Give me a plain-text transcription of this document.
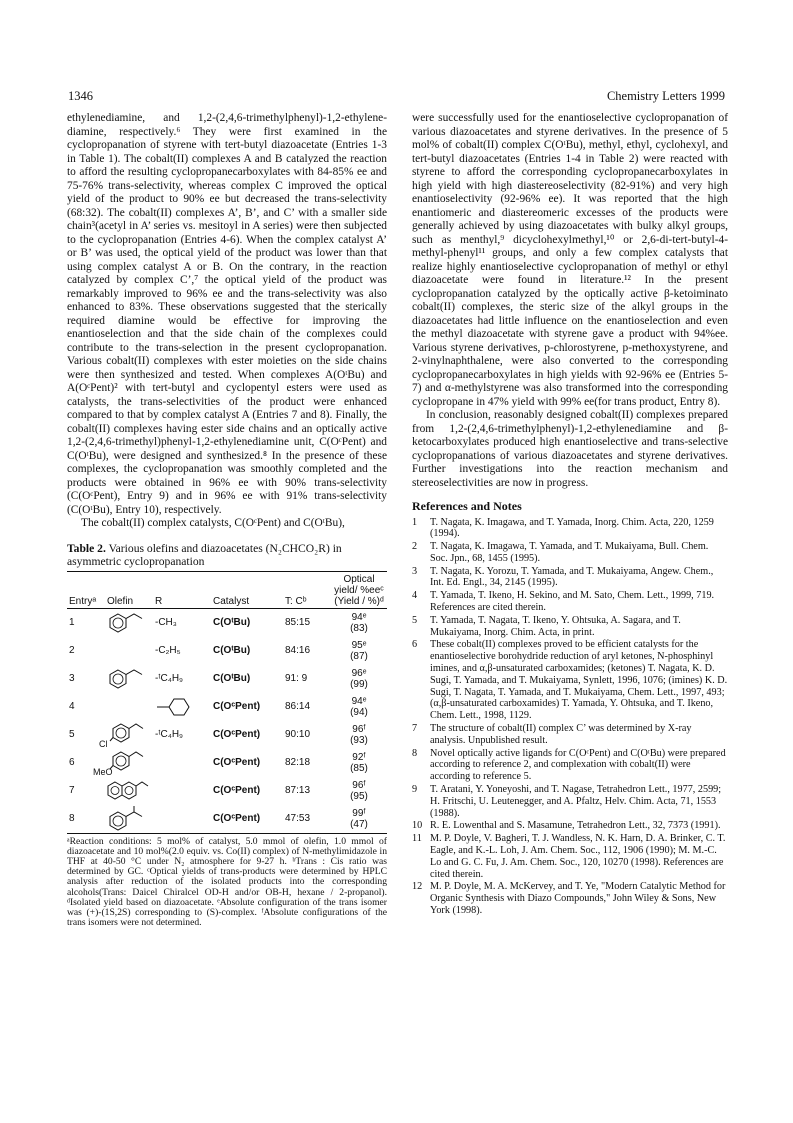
1346	Chemistry Letters 1999

ethylenediamine, and 1,2-(2,4,6-trimethylphenyl)-1,2-ethylene-diamine, respectively.⁶ They were first examined in the cyclopropanation of styrene with tert-butyl diazoacetate (Entries 1-3 in Table 1). The cobalt(II) complexes A and B catalyzed the reaction to afford the resulting cyclopropanecarboxylates with 84-85% ee and 75-76% trans-selectivity, whereas complex C improved the optical yield of the product to 90% ee but decreased the trans-selectivity (68:32). The cobalt(II) complexes A’, B’, and C’ with a smaller side chain³(acetyl in A’ series vs. mesitoyl in A series) were then subjected to the cyclopropanation (Entries 4-6). When the complex catalyst A’ or B’ was used, the optical yield of the product was lower than that using complex catalyst A or B. On the contrary, in the reaction catalyzed by complex C’,⁷ the optical yield of the product was remarkably improved to 96% ee and the trans-selectivity was also enhanced to 83%. These observations suggested that the sterically required diamine would be effective for improving the enantioselection and that the side chain of the complexes could contribute to the trans-selection in the present cyclopropanation. Various cobalt(II) complexes with ester moieties on the side chains were then synthesized and tested. When complexes A(OᵗBu) and A(OᶜPent)² with tert-butyl and cyclopentyl esters were used as catalysts, the trans-selectivities of the product were enhanced compared to that by complex catalyst A (Entries 7 and 8). Finally, the cobalt(II) complexes having ester side chains and an optically active 1,2-(2,4,6-trimethyl)phenyl-1,2-ethylenediamine unit, C(OᶜPent) and C(OᵗBu), were designed and synthesized.⁸ In the presence of these complexes, the cyclopropanation was smoothly completed and the products were obtained in 96% ee with 90% trans-selectivity (C(OᶜPent), Entry 9) and in 96% ee with 91% trans-selectivity (C(OᵗBu), Entry 10), respectively.

The cobalt(II) complex catalysts, C(OᶜPent) and C(OᵗBu),

Table 2. Various olefins and diazoacetates (N₂CHCO₂R) in asymmetric cyclopropanation
Entryᵃ	Olefin	R	Catalyst	T: Cᵇ	Optical yield/ %eeᶜ (Yield / %)ᵈ
1		-CH₃	C(OᵗBu)	85:15	94ᵉ
(83)
2		-C₂H₅	C(OᵗBu)	84:16	95ᵉ
(87)
3		-ᵗC₄H₉	C(OᵗBu)	91: 9	96ᵉ
(99)
4			C(OᶜPent)	86:14	94ᵉ
(94)
5	Cl	-ᵗC₄H₉	C(OᶜPent)	90:10	96ᶠ
(93)
6	MeO		C(OᶜPent)	82:18	92ᶠ
(85)
7			C(OᶜPent)	87:13	96ᶠ
(95)
8			C(OᶜPent)	47:53	99ᶠ
(47)
ᵃReaction conditions: 5 mol% of catalyst, 5.0 mmol of olefin, 1.0 mmol of diazoacetate and 10 mol%(2.0 equiv. vs. Co(II) complex) of N-methylimidazole in THF at 40-50 °C under N₂ atmosphere for 9-27 h. ᵇTrans : Cis ratio was determined by GC. ᶜOptical yields of trans-products were determined by HPLC analysis after reduction of the isolated products into the corresponding alcohols(Trans: Daicel Chiralcel OD-H and/or OB-H, hexane / 2-propanol). ᵈIsolated yield based on diazoacetate. ᵉAbsolute configuration of the trans isomer was (+)-(1S,2S) corresponding to (S)-complex. ᶠAbsolute configurations of the trans isomers were not determined.

were successfully used for the enantioselective cyclopropanation of various diazoacetates and styrene derivatives. In the presence of 5 mol% of cobalt(II) complex C(OᵗBu), methyl, ethyl, cyclohexyl, and tert-butyl diazoacetates (Entries 1-4 in Table 2) were reacted with styrene to afford the corresponding cyclopropanecarboxylates in high yield with high diastereoselectivity (82-91%) and very high enantioselectivity (92-96% ee). It was reported that the high enantiomeric and diastereomeric excesses of the products were generally achieved by using diazoacetates with bulky alkyl groups, such as menthyl,⁹ dicyclohexylmethyl,¹⁰ or 2,6-di-tert-butyl-4-methyl-phenyl¹¹ groups, and only a few complex catalysts that realize highly enantioselective cyclopropanation of methyl or ethyl diazoacetate were found in literature.¹² In the present cyclopropanation catalyzed by the optically active β-ketoiminato cobalt(II) complexes, the steric size of the alkyl groups in the diazoacetates had little influence on the enantioselection and even the methyl diazoacetate with styrene gave a product with 94%ee. Various styrene derivatives, p-chlorostyrene, p-methoxystyrene, and 2-vinylnaphthalene, were also converted to the corresponding cyclopropanecarboxylates in high yields with 92-96% ee (Entries 5-7) and α-methylstyrene was also transformed into the corresponding cyclopropane in 47% yield with 99% ee(for trans product, Entry 8).

In conclusion, reasonably designed cobalt(II) complexes prepared from 1,2-(2,4,6-trimethylphenyl)-1,2-ethylenediamine and β-ketocarboxylates produced high enantioselective and trans-selective cyclopropanations of various diazoacetates and styrene derivatives. Further investigations into the reaction mechanism and stereoselectivities are now in progress.

References and Notes
1	T. Nagata, K. Imagawa, and T. Yamada, Inorg. Chim. Acta, 220, 1259 (1994).
2	T. Nagata, K. Imagawa, T. Yamada, and T. Mukaiyama, Bull. Chem. Soc. Jpn., 68, 1455 (1995).
3	T. Nagata, K. Yorozu, T. Yamada, and T. Mukaiyama, Angew. Chem., Int. Ed. Engl., 34, 2145 (1995).
4	T. Yamada, T. Ikeno, H. Sekino, and M. Sato, Chem. Lett., 1999, 719. References are cited therein.
5	T. Yamada, T. Nagata, T. Ikeno, Y. Ohtsuka, A. Sagara, and T. Mukaiyama, Inorg. Chim. Acta, in print.
6	These cobalt(II) complexes proved to be efficient catalysts for the enantioselective borohydride reduction of aryl ketones, N-phosphinyl imines, and α,β-unsaturated carboxamides; (ketones) T. Nagata, K. D. Sugi, T. Yamada, and T. Mukaiyama, Synlett, 1996, 1076; (imines) K. D. Sugi, T. Nagata, T. Yamada, and T. Mukaiyama, Chem. Lett., 1997, 493; (α,β-unsaturated carboxamides) T. Yamada, Y. Ohtsuka, and T. Ikeno, Chem. Lett., 1998, 1129.
7	The structure of cobalt(II) complex C’ was determined by X-ray analysis. Unpublished result.
8	Novel optically active ligands for C(OᶜPent) and C(OᵗBu) were prepared according to reference 2, and complexation with cobalt(II) were according to reference 5.
9	T. Aratani, Y. Yoneyoshi, and T. Nagase, Tetrahedron Lett., 1977, 2599; H. Fritschi, U. Leutenegger, and A. Pfaltz, Helv. Chim. Acta, 71, 1553 (1988).
10 R. E. Lowenthal and S. Masamune, Tetrahedron Lett., 32, 7373 (1991).
11 M. P. Doyle, V. Bagheri, T. J. Wandless, N. K. Harn, D. A. Brinker, C. T. Eagle, and K.-L. Loh, J. Am. Chem. Soc., 112, 1906 (1990); M. M.-C. Lo and G. C. Fu, J. Am. Chem. Soc., 120, 10270 (1998). References are cited therein.
12 M. P. Doyle, M. A. McKervey, and T. Ye, "Modern Catalytic Method for Organic Synthesis with Diazo Compounds," John Wiley & Sons, New York (1998).
